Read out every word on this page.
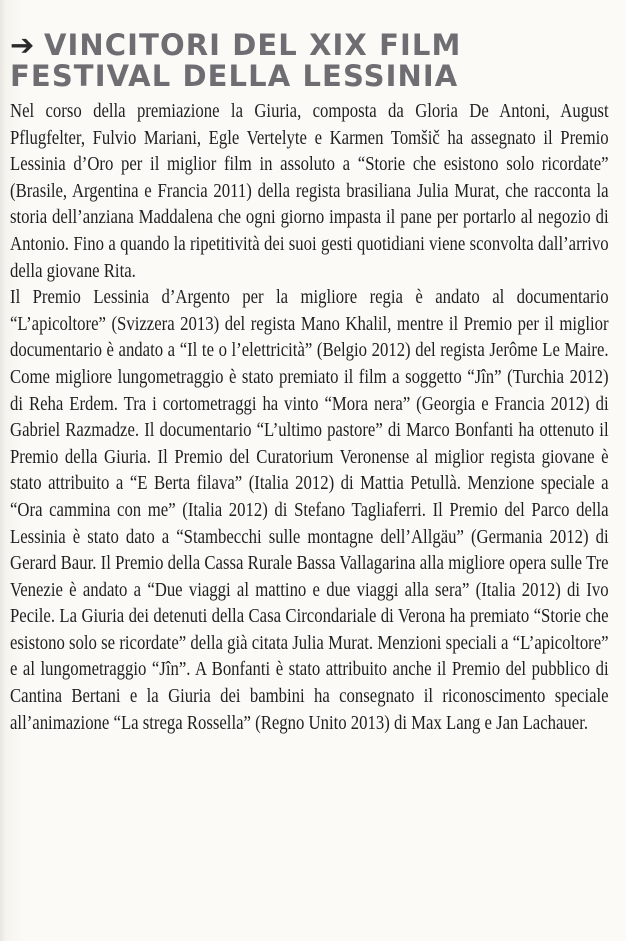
➔ VINCITORI DEL XIX FILM
FESTIVAL DELLA LESSINIA

Nel corso della premiazione la Giuria, composta da Gloria De Antoni, August Pflugfelter, Fulvio Mariani, Egle Vertelyte e Karmen Tomšič ha assegnato il Premio Lessinia d’Oro per il miglior film in assoluto a “Storie che esistono solo ricordate” (Brasile, Argentina e Francia 2011) della regista brasiliana Julia Murat, che racconta la storia dell’anziana Maddalena che ogni giorno impasta il pane per portarlo al negozio di Antonio. Fino a quando la ripetitività dei suoi gesti quotidiani viene sconvolta dall’arrivo della giovane Rita.

Il Premio Lessinia d’Argento per la migliore regia è andato al documentario “L’apicoltore” (Svizzera 2013) del regista Mano Khalil, mentre il Premio per il miglior documentario è andato a “Il te o l’elettricità” (Belgio 2012) del regista Jerôme Le Maire. Come migliore lungometraggio è stato premiato il film a soggetto “Jîn” (Turchia 2012) di Reha Erdem. Tra i cortometraggi ha vinto “Mora nera” (Georgia e Francia 2012) di Gabriel Razmadze. Il documentario “L’ultimo pastore” di Marco Bonfanti ha ottenuto il Premio della Giuria. Il Premio del Curatorium Veronense al miglior regista giovane è stato attribuito a “E Berta filava” (Italia 2012) di Mattia Petullà. Menzione speciale a “Ora cammina con me” (Italia 2012) di Stefano Tagliaferri. Il Premio del Parco della Lessinia è stato dato a “Stambecchi sulle montagne dell’Allgäu” (Germania 2012) di Gerard Baur. Il Premio della Cassa Rurale Bassa Vallagarina alla migliore opera sulle Tre Venezie è andato a “Due viaggi al mattino e due viaggi alla sera” (Italia 2012) di Ivo Pecile. La Giuria dei detenuti della Casa Circondariale di Verona ha premiato “Storie che esistono solo se ricordate” della già citata Julia Murat. Menzioni speciali a “L’apicoltore” e al lungometraggio “Jîn”. A Bonfanti è stato attribuito anche il Premio del pubblico di Cantina Bertani e la Giuria dei bambini ha consegnato il riconoscimento speciale all’animazione “La strega Rossella” (Regno Unito 2013) di Max Lang e Jan Lachauer.
